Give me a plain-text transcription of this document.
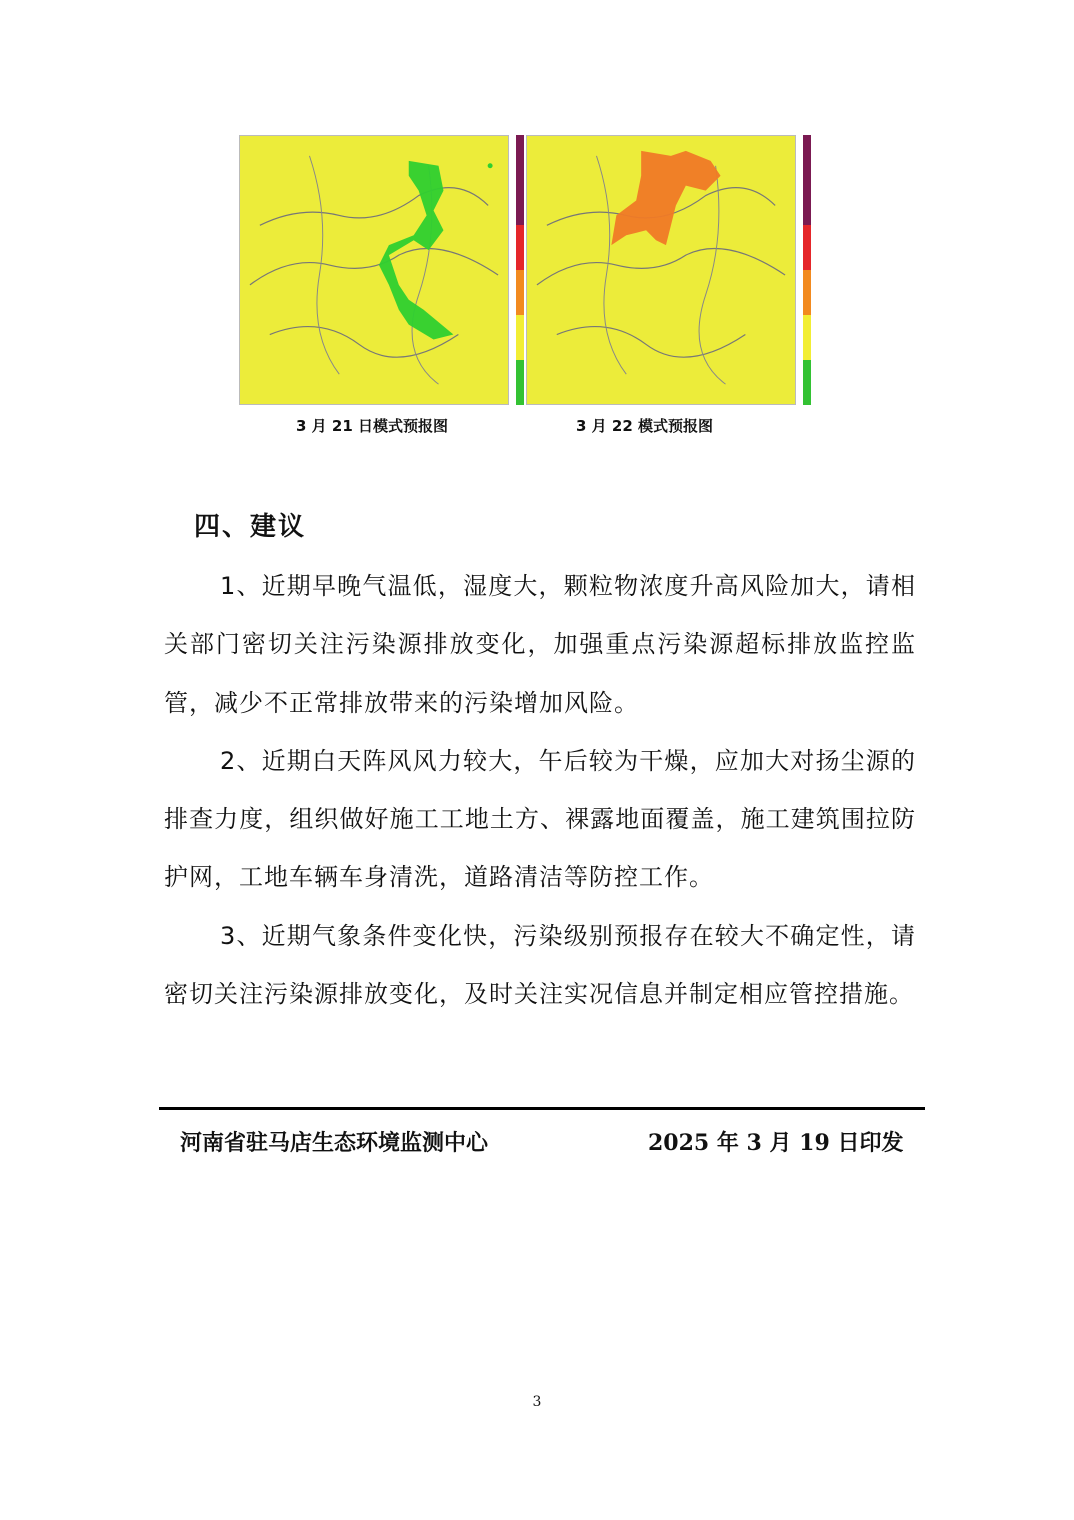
3 月 21 日模式预报图	3 月 22 模式预报图
四、建议

1、近期早晚气温低，湿度大，颗粒物浓度升高风险加大，请相关部门密切关注污染源排放变化，加强重点污染源超标排放监控监管，减少不正常排放带来的污染增加风险。

2、近期白天阵风风力较大，午后较为干燥，应加大对扬尘源的排查力度，组织做好施工工地土方、裸露地面覆盖，施工建筑围拉防护网，工地车辆车身清洗，道路清洁等防控工作。

3、近期气象条件变化快，污染级别预报存在较大不确定性，请密切关注污染源排放变化，及时关注实况信息并制定相应管控措施。

河南省驻马店生态环境监测中心	2025 年 3 月 19 日印发
3
